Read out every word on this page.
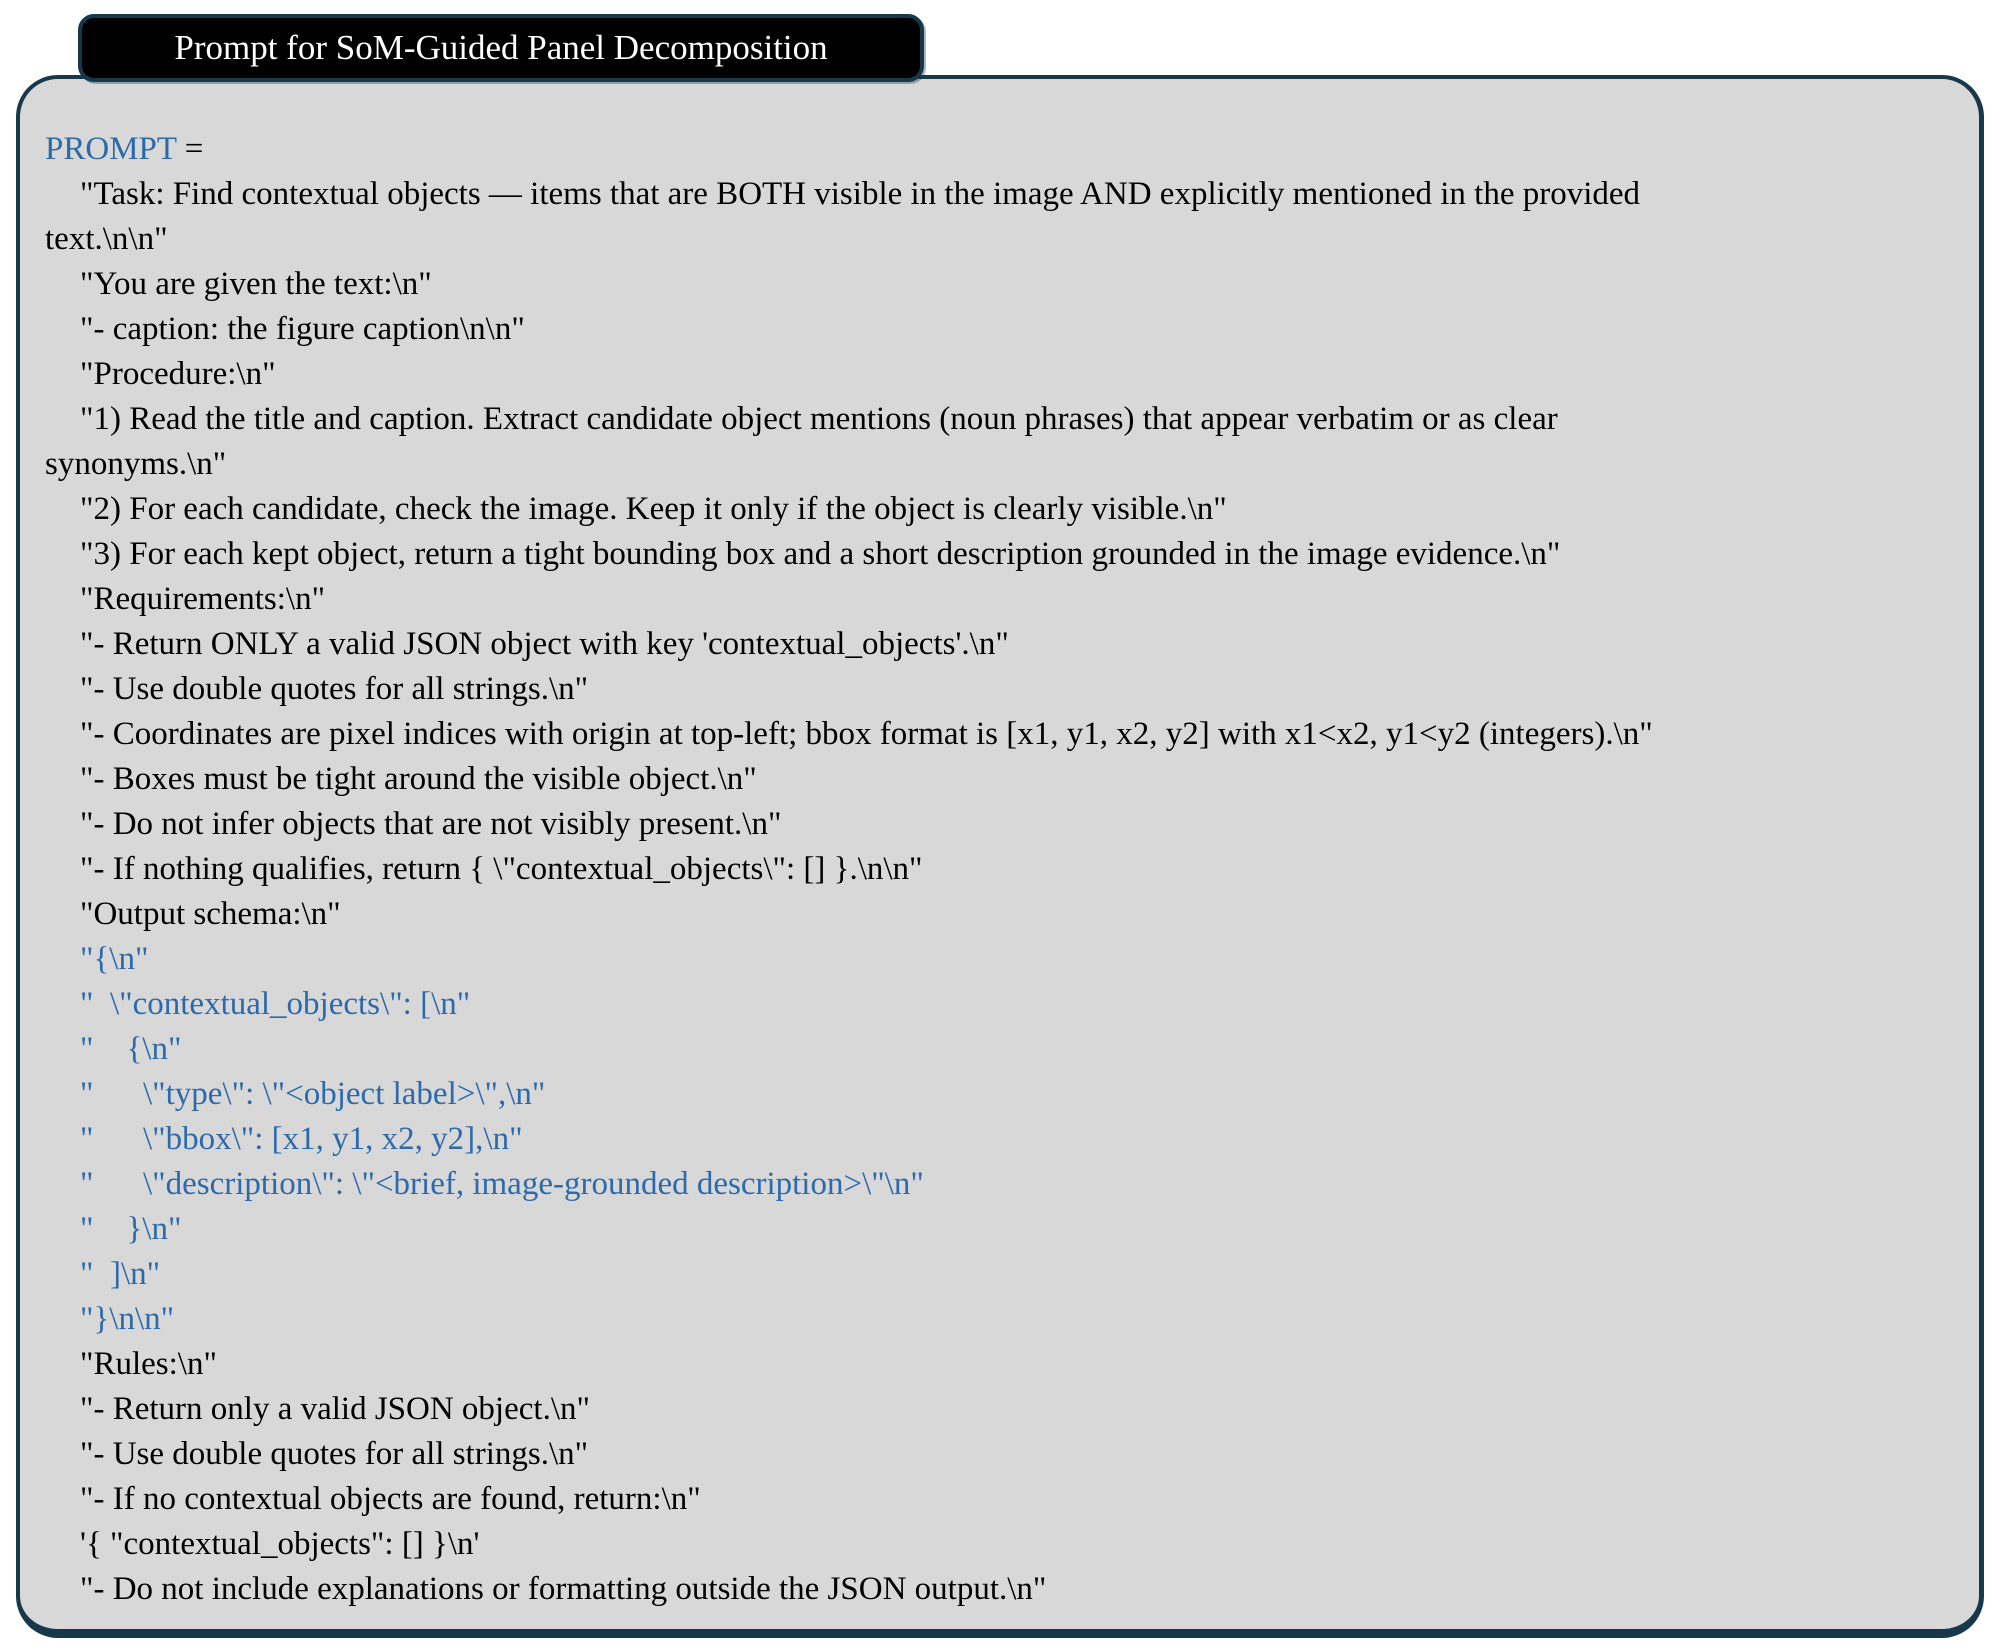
Prompt for SoM-Guided Panel Decomposition
PROMPT =
"Task: Find contextual objects — items that are BOTH visible in the image AND explicitly mentioned in the provided
text.\n\n"
"You are given the text:\n"
"- caption: the figure caption\n\n"
"Procedure:\n"
"1) Read the title and caption. Extract candidate object mentions (noun phrases) that appear verbatim or as clear
synonyms.\n"
"2) For each candidate, check the image. Keep it only if the object is clearly visible.\n"
"3) For each kept object, return a tight bounding box and a short description grounded in the image evidence.\n"
"Requirements:\n"
"- Return ONLY a valid JSON object with key 'contextual_objects'.\n"
"- Use double quotes for all strings.\n"
"- Coordinates are pixel indices with origin at top-left; bbox format is [x1, y1, x2, y2] with x1<x2, y1<y2 (integers).\n"
"- Boxes must be tight around the visible object.\n"
"- Do not infer objects that are not visibly present.\n"
"- If nothing qualifies, return { \"contextual_objects\": [] }.\n\n"
"Output schema:\n"
"{\n"
"  \"contextual_objects\": [\n"
"    {\n"
"      \"type\": \"<object label>\",\n"
"      \"bbox\": [x1, y1, x2, y2],\n"
"      \"description\": \"<brief, image-grounded description>\"\n"
"    }\n"
"  ]\n"
"}\n\n"
"Rules:\n"
"- Return only a valid JSON object.\n"
"- Use double quotes for all strings.\n"
"- If no contextual objects are found, return:\n"
'{ "contextual_objects": [] }\n'
"- Do not include explanations or formatting outside the JSON output.\n"
